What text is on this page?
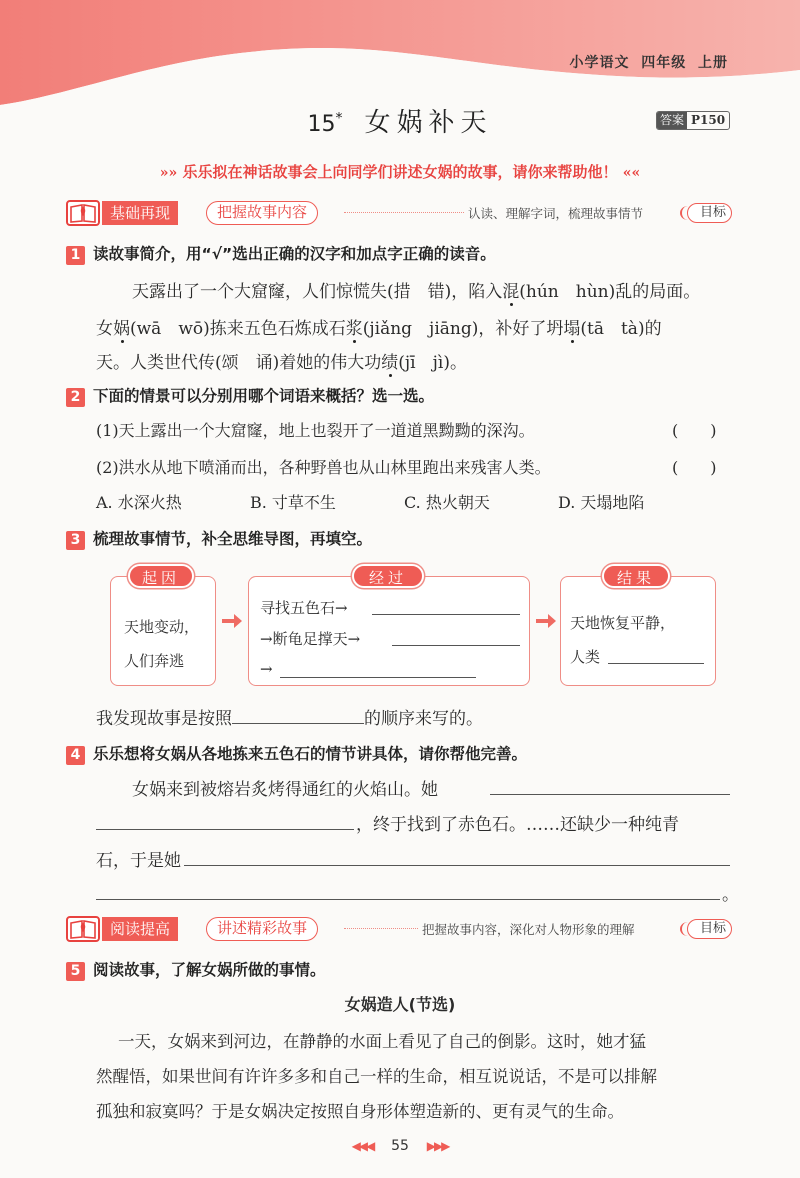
小学语文  四年级  上册
15* 女娲补天	答案 P150
»» 乐乐拟在神话故事会上向同学们讲述女娲的故事，请你来帮助他！ ««
基础再现	把握故事内容	认读、理解字词，梳理故事情节	目标
1 读故事简介，用“√”选出正确的汉字和加点字正确的读音。
天露出了一个大窟窿，人们惊慌失(措　错)，陷入混(hún　hùn)乱的局面。
女娲(wā　wō)拣来五色石炼成石浆(jiǎng　jiāng)，补好了坍塌(tā　tà)的
天。人类世代传(颂　诵)着她的伟大功绩(jī　jì)。
2 下面的情景可以分别用哪个词语来概括？选一选。
(1)天上露出一个大窟窿，地上也裂开了一道道黑黝黝的深沟。	(　　)
(2)洪水从地下喷涌而出，各种野兽也从山林里跑出来残害人类。	(　　)
A. 水深火热	B. 寸草不生	C. 热火朝天	D. 天塌地陷
3 梳理故事情节，补全思维导图，再填空。
起因
天地变动，
人们奔逃
经过
寻找五色石→
→断龟足撑天→
→
结果
天地恢复平静，
人类
我发现故事是按照	的顺序来写的。
4 乐乐想将女娲从各地拣来五色石的情节讲具体，请你帮他完善。
女娲来到被熔岩炙烤得通红的火焰山。她
，终于找到了赤色石。……还缺少一种纯青
石，于是她
。
阅读提高	讲述精彩故事	把握故事内容，深化对人物形象的理解	目标
5 阅读故事，了解女娲所做的事情。
女娲造人(节选)
一天，女娲来到河边，在静静的水面上看见了自己的倒影。这时，她才猛
然醒悟，如果世间有许许多多和自己一样的生命，相互说说话，不是可以排解
孤独和寂寞吗？于是女娲决定按照自身形体塑造新的、更有灵气的生命。
◀◀◀ 55 ▶▶▶
